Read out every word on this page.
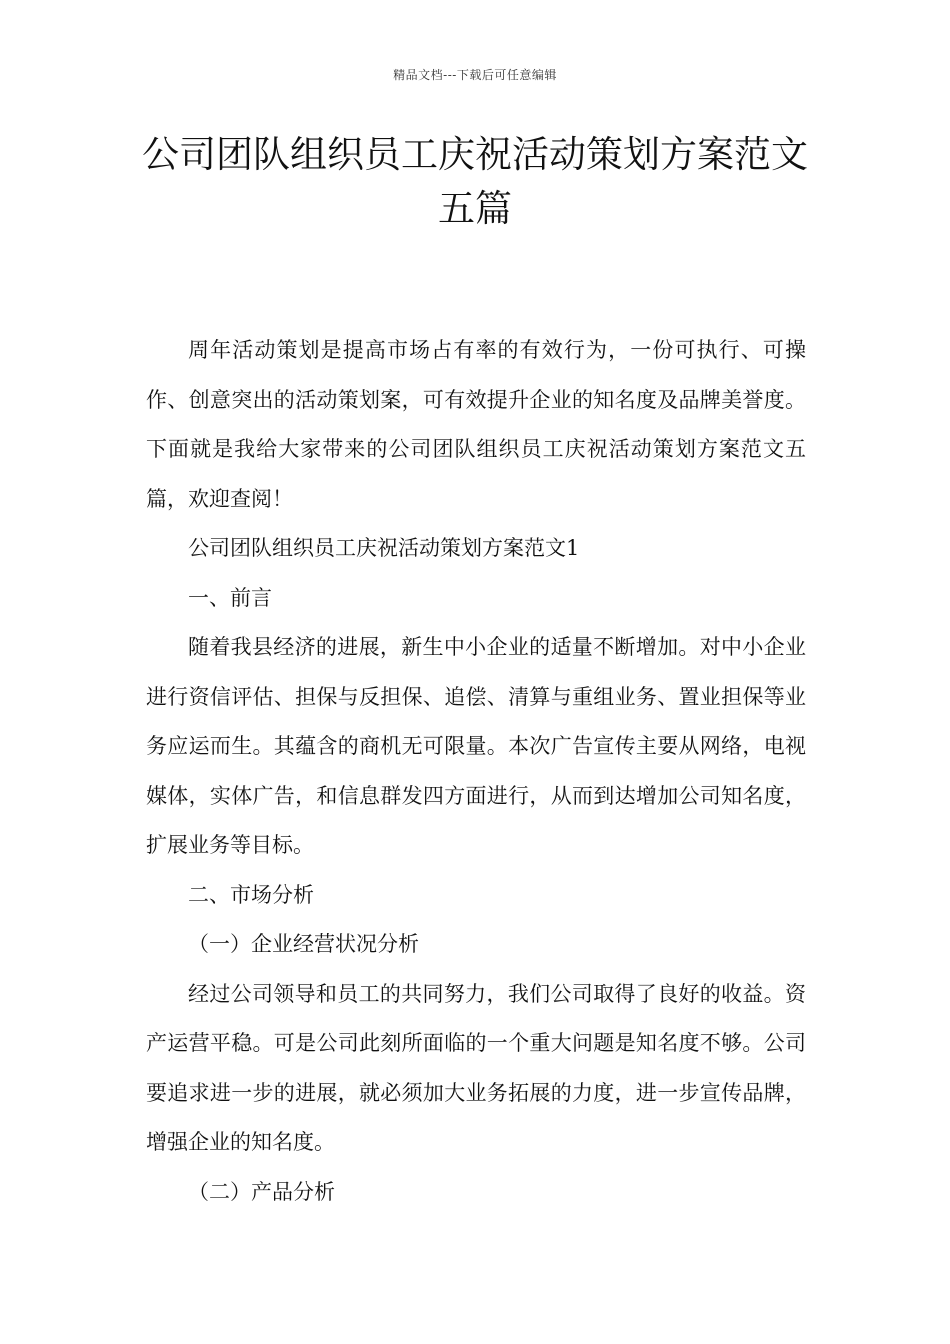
精品文档---下载后可任意编辑
公司团队组织员工庆祝活动策划方案范文五篇

周年活动策划是提高市场占有率的有效行为，一份可执行、可操作、创意突出的活动策划案，可有效提升企业的知名度及品牌美誉度。下面就是我给大家带来的公司团队组织员工庆祝活动策划方案范文五篇，欢迎查阅！

公司团队组织员工庆祝活动策划方案范文1

一、前言

随着我县经济的进展，新生中小企业的适量不断增加。对中小企业进行资信评估、担保与反担保、追偿、清算与重组业务、置业担保等业务应运而生。其蕴含的商机无可限量。本次广告宣传主要从网络，电视媒体，实体广告，和信息群发四方面进行，从而到达增加公司知名度，扩展业务等目标。

二、市场分析

（一）企业经营状况分析

经过公司领导和员工的共同努力，我们公司取得了良好的收益。资产运营平稳。可是公司此刻所面临的一个重大问题是知名度不够。公司要追求进一步的进展，就必须加大业务拓展的力度，进一步宣传品牌，增强企业的知名度。

（二）产品分析
